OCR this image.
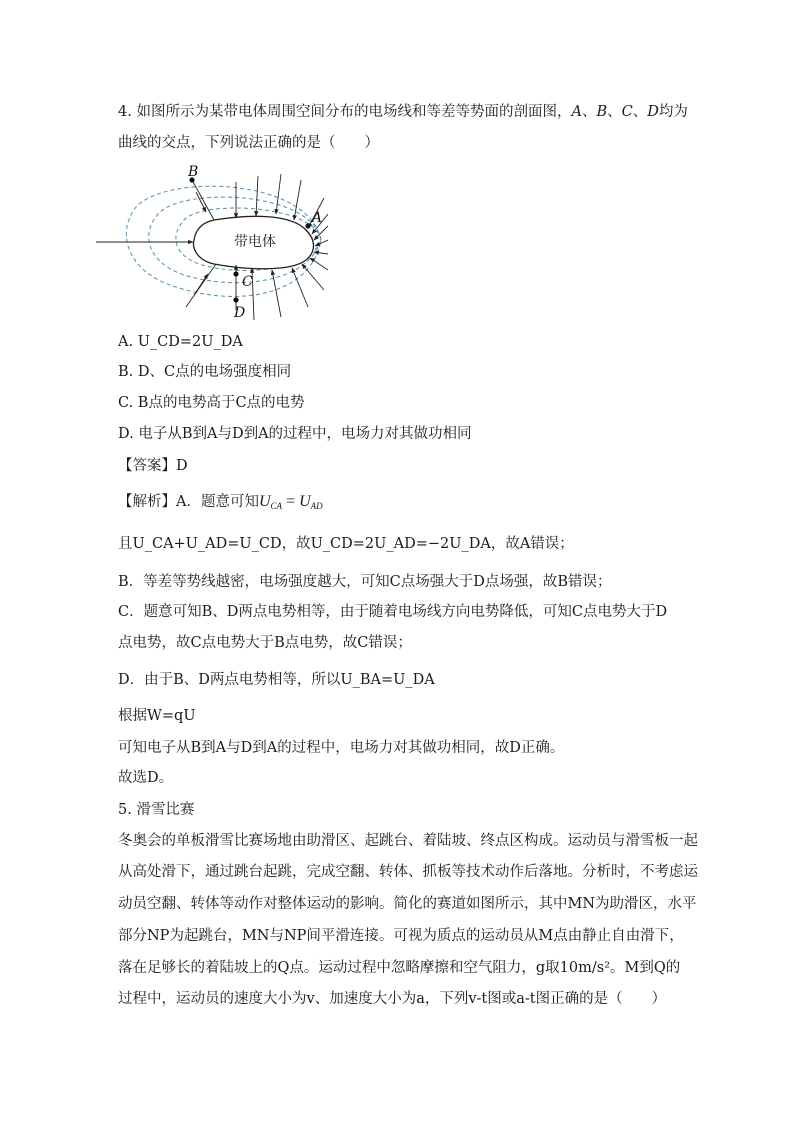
4. 如图所示为某带电体周围空间分布的电场线和等差等势面的剖面图，A、B、C、D均为
曲线的交点，下列说法正确的是（　　）
带电体
B
A
C
D
A. U_CD=2U_DA
B. D、C点的电场强度相同
C. B点的电势高于C点的电势
D. 电子从B到A与D到A的过程中，电场力对其做功相同
【答案】D
【解析】A．题意可知$U_{CA} = U_{AD}$
且U_CA+U_AD=U_CD，故U_CD=2U_AD=−2U_DA，故A错误；
B．等差等势线越密，电场强度越大，可知C点场强大于D点场强，故B错误；
C．题意可知B、D两点电势相等，由于随着电场线方向电势降低，可知C点电势大于D
点电势，故C点电势大于B点电势，故C错误；
D．由于B、D两点电势相等，所以U_BA=U_DA
根据W=qU
可知电子从B到A与D到A的过程中，电场力对其做功相同，故D正确。
故选D。
5. 滑雪比赛
冬奥会的单板滑雪比赛场地由助滑区、起跳台、着陆坡、终点区构成。运动员与滑雪板一起
从高处滑下，通过跳台起跳，完成空翻、转体、抓板等技术动作后落地。分析时，不考虑运
动员空翻、转体等动作对整体运动的影响。简化的赛道如图所示，其中MN为助滑区，水平
部分NP为起跳台，MN与NP间平滑连接。可视为质点的运动员从M点由静止自由滑下，
落在足够长的着陆坡上的Q点。运动过程中忽略摩擦和空气阻力，g取10m/s²。M到Q的
过程中，运动员的速度大小为v、加速度大小为a，下列v-t图或a-t图正确的是（　　）
